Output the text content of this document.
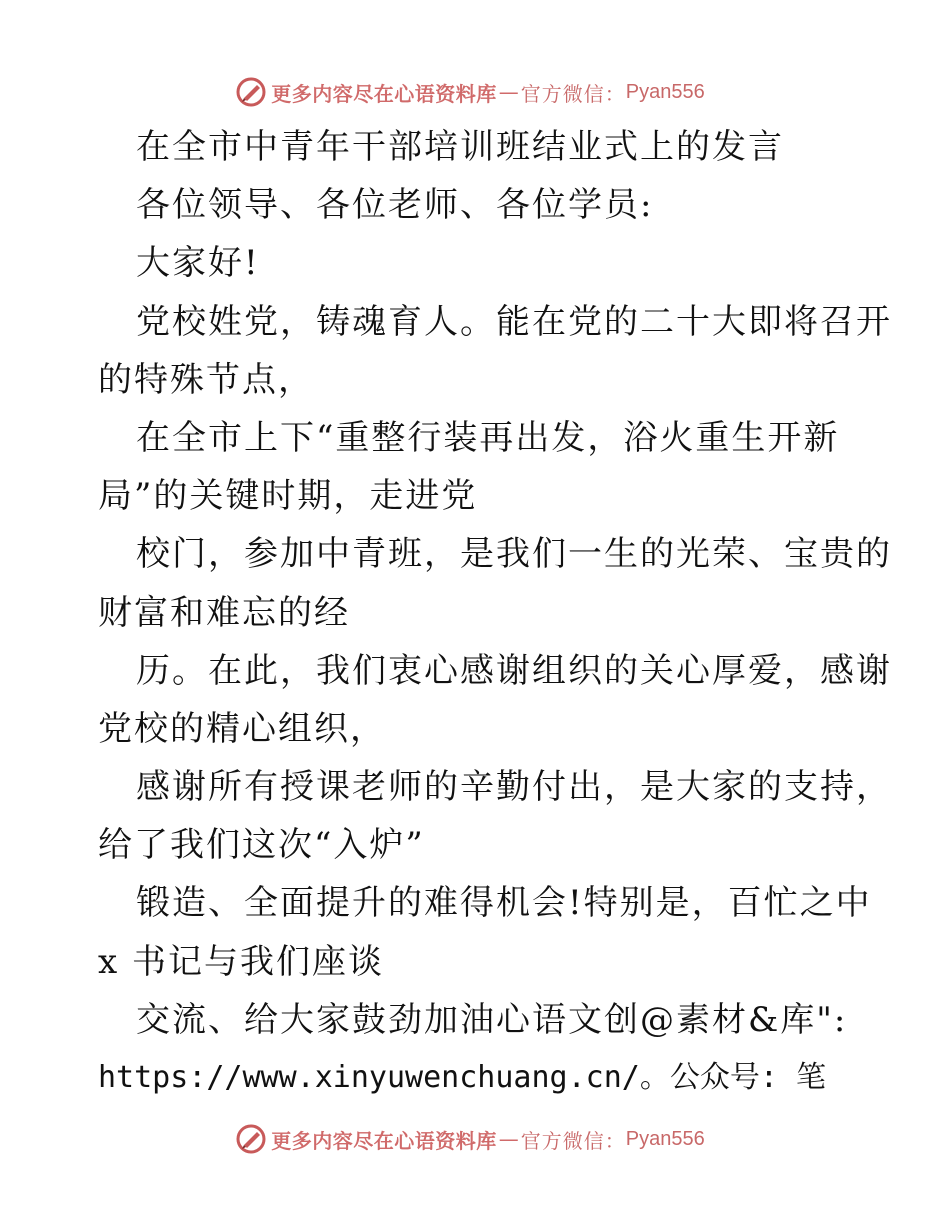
更多内容尽在心语资料库 — 官方微信： Pyan556
在全市中青年干部培训班结业式上的发言
各位领导、各位老师、各位学员:
大家好!
党校姓党，铸魂育人。能在党的二十大即将召开
的特殊节点，
在全市上下“重整行装再出发，浴火重生开新
局”的关键时期，走进党
校门，参加中青班，是我们一生的光荣、宝贵的
财富和难忘的经
历。在此，我们衷心感谢组织的关心厚爱，感谢
党校的精心组织，
感谢所有授课老师的辛勤付出，是大家的支持，
给了我们这次“入炉”
锻造、全面提升的难得机会!特别是，百忙之中
x 书记与我们座谈
交流、给大家鼓劲加油心语文创@素材&库":
https://www.xinyuwenchuang.cn/。公众号: 笔
更多内容尽在心语资料库 — 官方微信： Pyan556
